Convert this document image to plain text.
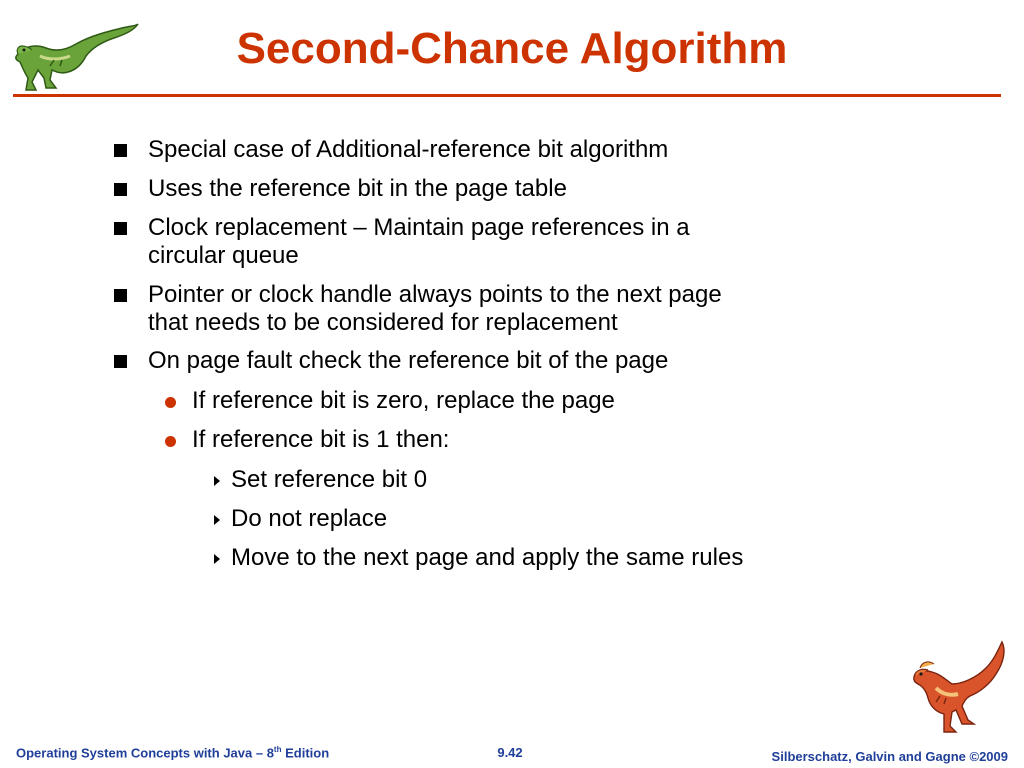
Second-Chance Algorithm
Special case of Additional-reference bit algorithm
Uses the reference bit in the page table
Clock replacement – Maintain page references in a
circular queue
Pointer or clock handle always points to the next page
that needs to be considered for replacement
On page fault check the reference bit of the page
If reference bit is zero, replace the page
If reference bit is 1 then:
Set reference bit 0
Do not replace
Move to the next page and apply the same rules
Operating System Concepts with Java – 8th Edition	9.42	Silberschatz, Galvin and Gagne ©2009
